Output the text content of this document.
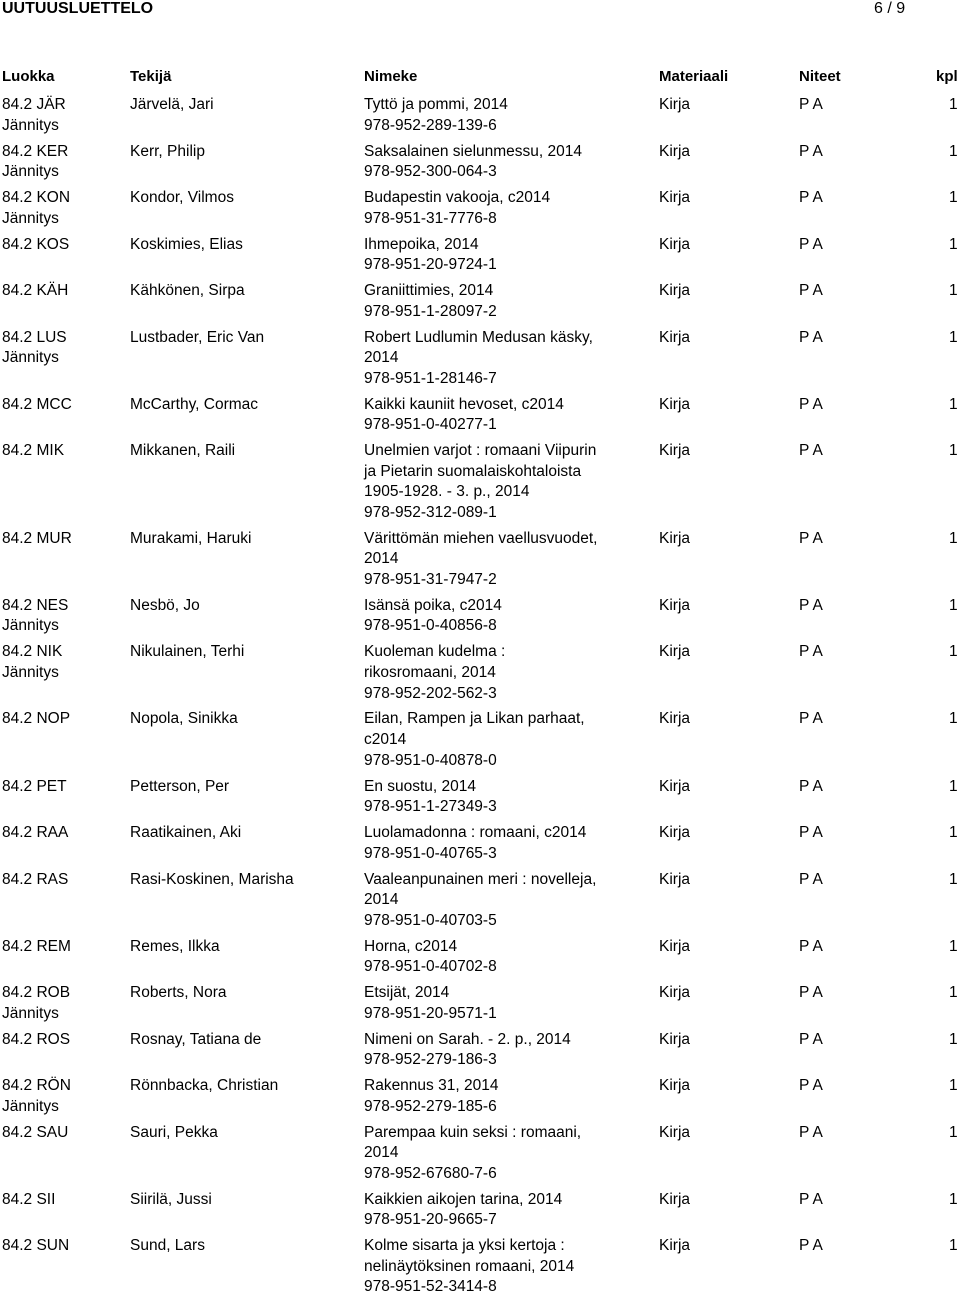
UUTUUSLUETTELO	6 / 9
Luokka	Tekijä	Nimeke	Materiaali	Niteet	kpl
84.2 JÄR
Jännitys
Järvelä, Jari	Tyttö ja pommi, 2014
978-952-289-139-6
Kirja	P A	1
84.2 KER
Jännitys
Kerr, Philip	Saksalainen sielunmessu, 2014
978-952-300-064-3
Kirja	P A	1
84.2 KON
Jännitys
Kondor, Vilmos	Budapestin vakooja, c2014
978-951-31-7776-8
Kirja	P A	1
84.2 KOS	Koskimies, Elias	Ihmepoika, 2014
978-951-20-9724-1
Kirja	P A	1
84.2 KÄH	Kähkönen, Sirpa	Graniittimies, 2014
978-951-1-28097-2
Kirja	P A	1
84.2 LUS
Jännitys
Lustbader, Eric Van	Robert Ludlumin Medusan käsky,
2014
978-951-1-28146-7
Kirja	P A	1
84.2 MCC	McCarthy, Cormac	Kaikki kauniit hevoset, c2014
978-951-0-40277-1
Kirja	P A	1
84.2 MIK	Mikkanen, Raili	Unelmien varjot : romaani Viipurin
ja Pietarin suomalaiskohtaloista
1905-1928. - 3. p., 2014
978-952-312-089-1
Kirja	P A	1
84.2 MUR	Murakami, Haruki	Värittömän miehen vaellusvuodet,
2014
978-951-31-7947-2
Kirja	P A	1
84.2 NES
Jännitys
Nesbö, Jo	Isänsä poika, c2014
978-951-0-40856-8
Kirja	P A	1
84.2 NIK
Jännitys
Nikulainen, Terhi	Kuoleman kudelma :
rikosromaani, 2014
978-952-202-562-3
Kirja	P A	1
84.2 NOP	Nopola, Sinikka	Eilan, Rampen ja Likan parhaat,
c2014
978-951-0-40878-0
Kirja	P A	1
84.2 PET	Petterson, Per	En suostu, 2014
978-951-1-27349-3
Kirja	P A	1
84.2 RAA	Raatikainen, Aki	Luolamadonna : romaani, c2014
978-951-0-40765-3
Kirja	P A	1
84.2 RAS	Rasi-Koskinen, Marisha	Vaaleanpunainen meri : novelleja,
2014
978-951-0-40703-5
Kirja	P A	1
84.2 REM	Remes, Ilkka	Horna, c2014
978-951-0-40702-8
Kirja	P A	1
84.2 ROB
Jännitys
Roberts, Nora	Etsijät, 2014
978-951-20-9571-1
Kirja	P A	1
84.2 ROS	Rosnay, Tatiana de	Nimeni on Sarah. - 2. p., 2014
978-952-279-186-3
Kirja	P A	1
84.2 RÖN
Jännitys
Rönnbacka, Christian	Rakennus 31, 2014
978-952-279-185-6
Kirja	P A	1
84.2 SAU	Sauri, Pekka	Parempaa kuin seksi : romaani,
2014
978-952-67680-7-6
Kirja	P A	1
84.2 SII	Siirilä, Jussi	Kaikkien aikojen tarina, 2014
978-951-20-9665-7
Kirja	P A	1
84.2 SUN	Sund, Lars	Kolme sisarta ja yksi kertoja :
nelinäytöksinen romaani, 2014
978-951-52-3414-8
Kirja	P A	1
